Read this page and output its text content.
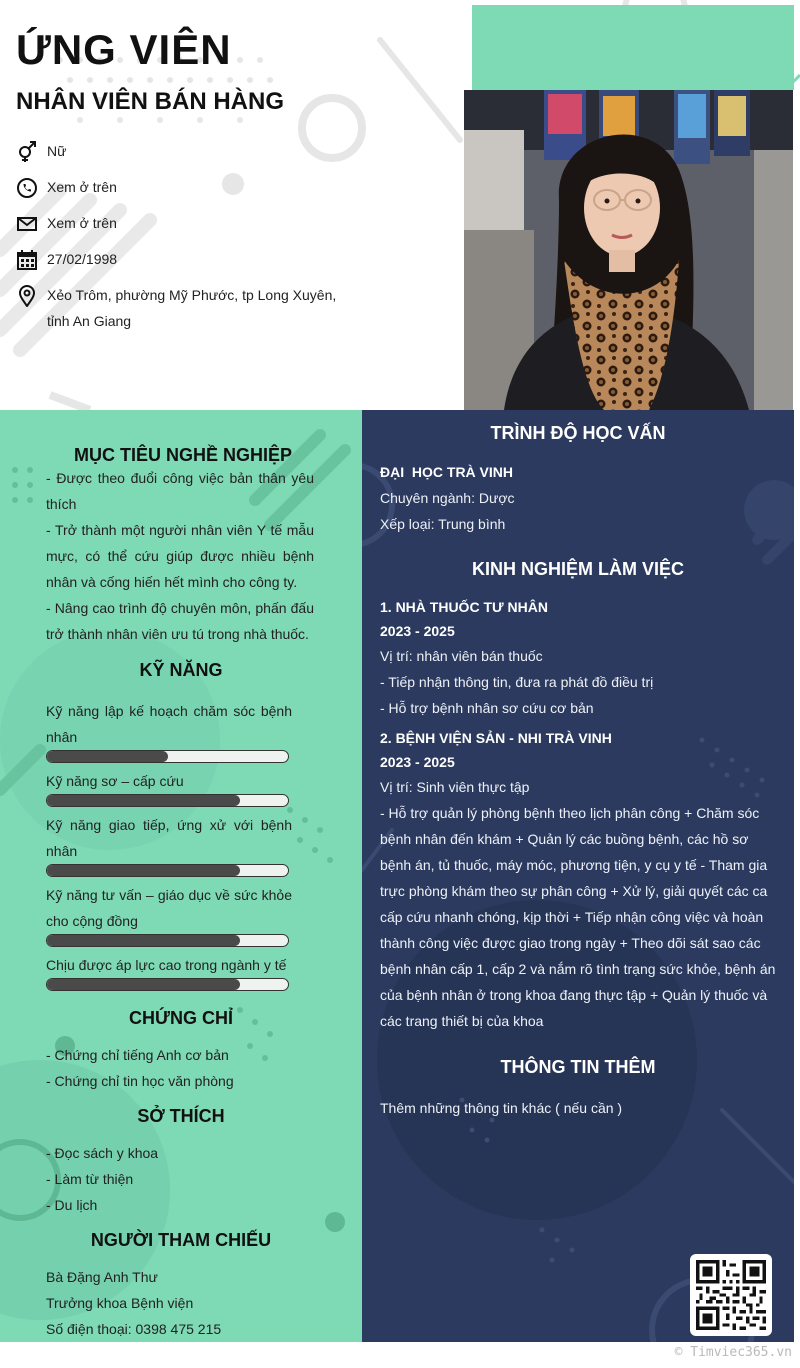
ỨNG VIÊN
NHÂN VIÊN BÁN HÀNG
Nữ
Xem ở trên
Xem ở trên
27/02/1998
Xẻo Trôm, phường Mỹ Phước, tp Long Xuyên, tỉnh An Giang
MỤC TIÊU NGHỀ NGHIỆP
- Được theo đuổi công việc bản thân yêu thích
- Trở thành một người nhân viên Y tế mẫu mực, có thể cứu giúp được nhiều bệnh nhân và cống hiến hết mình cho công ty.
- Nâng cao trình độ chuyên môn, phấn đấu trở thành nhân viên ưu tú trong nhà thuốc.
KỸ NĂNG
Kỹ năng lập kế hoạch chăm sóc bệnh nhân
Kỹ năng sơ – cấp cứu
Kỹ năng giao tiếp, ứng xử với bệnh nhân
Kỹ năng tư vấn – giáo dục về sức khỏe cho cộng đồng
Chịu được áp lực cao trong ngành y tế
CHỨNG CHỈ
- Chứng chỉ tiếng Anh cơ bản
- Chứng chỉ tin học văn phòng
SỞ THÍCH
- Đọc sách y khoa
- Làm từ thiện
- Du lịch
NGƯỜI THAM CHIẾU
Bà Đặng Anh Thư
Trưởng khoa Bệnh viện
Số điện thoại: 0398 475 215
TRÌNH ĐỘ HỌC VẤN
ĐẠI  HỌC TRÀ VINH
Chuyên ngành: Dược
Xếp loại: Trung bình
KINH NGHIỆM LÀM VIỆC
1. NHÀ THUỐC TƯ NHÂN
2023 - 2025
Vị trí: nhân viên bán thuốc
- Tiếp nhận thông tin, đưa ra phát đồ điều trị
- Hỗ trợ bệnh nhân sơ cứu cơ bản
2. BỆNH VIỆN SẢN - NHI TRÀ VINH
2023 - 2025
Vị trí: Sinh viên thực tập
- Hỗ trợ quản lý phòng bệnh theo lịch phân công + Chăm sóc bệnh nhân đến khám + Quản lý các buồng bệnh, các hồ sơ bệnh án, tủ thuốc, máy móc, phương tiện, y cụ y tế - Tham gia trực phòng khám theo sự phân công + Xử lý, giải quyết các ca cấp cứu nhanh chóng, kịp thời + Tiếp nhận công việc và hoàn thành công việc được giao trong ngày + Theo dõi sát sao các bệnh nhân cấp 1, cấp 2 và nắm rõ tình trạng sức khỏe, bệnh án của bệnh nhân ở trong khoa đang thực tập + Quản lý thuốc và các trang thiết bị của khoa
THÔNG TIN THÊM
Thêm những thông tin khác ( nếu cần )
© Timviec365.vn
